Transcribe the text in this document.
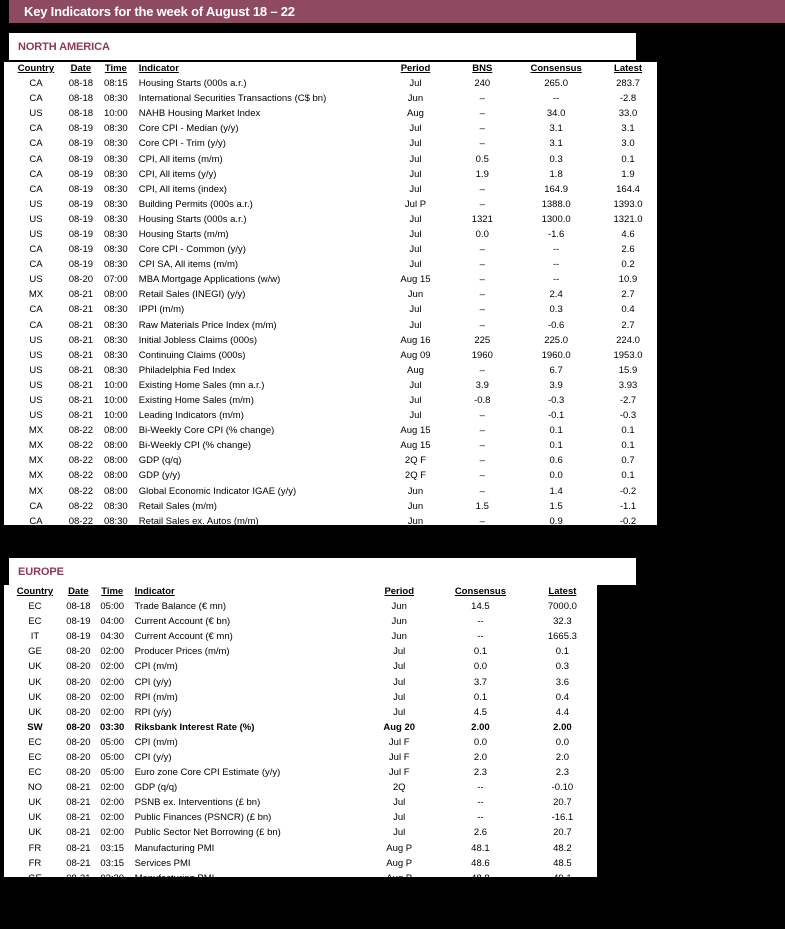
Key Indicators for the week of August 18 – 22
NORTH AMERICA
Country	Date	Time	Indicator	Period	BNS	Consensus	Latest
CA	08-18	08:15	Housing Starts (000s a.r.)	Jul	240	265.0	283.7
CA	08-18	08:30	International Securities Transactions (C$ bn)	Jun	–	--	-2.8
US	08-18	10:00	NAHB Housing Market Index	Aug	–	34.0	33.0
CA	08-19	08:30	Core CPI - Median (y/y)	Jul	–	3.1	3.1
CA	08-19	08:30	Core CPI - Trim (y/y)	Jul	–	3.1	3.0
CA	08-19	08:30	CPI, All items (m/m)	Jul	0.5	0.3	0.1
CA	08-19	08:30	CPI, All items (y/y)	Jul	1.9	1.8	1.9
CA	08-19	08:30	CPI, All items (index)	Jul	–	164.9	164.4
US	08-19	08:30	Building Permits (000s a.r.)	Jul P	–	1388.0	1393.0
US	08-19	08:30	Housing Starts (000s a.r.)	Jul	1321	1300.0	1321.0
US	08-19	08:30	Housing Starts (m/m)	Jul	0.0	-1.6	4.6
CA	08-19	08:30	Core CPI - Common (y/y)	Jul	–	--	2.6
CA	08-19	08:30	CPI SA, All items (m/m)	Jul	–	--	0.2
US	08-20	07:00	MBA Mortgage Applications (w/w)	Aug 15	–	--	10.9
MX	08-21	08:00	Retail Sales (INEGI) (y/y)	Jun	–	2.4	2.7
CA	08-21	08:30	IPPI (m/m)	Jul	–	0.3	0.4
CA	08-21	08:30	Raw Materials Price Index (m/m)	Jul	–	-0.6	2.7
US	08-21	08:30	Initial Jobless Claims (000s)	Aug 16	225	225.0	224.0
US	08-21	08:30	Continuing Claims (000s)	Aug 09	1960	1960.0	1953.0
US	08-21	08:30	Philadelphia Fed Index	Aug	–	6.7	15.9
US	08-21	10:00	Existing Home Sales (mn a.r.)	Jul	3.9	3.9	3.93
US	08-21	10:00	Existing Home Sales (m/m)	Jul	-0.8	-0.3	-2.7
US	08-21	10:00	Leading Indicators (m/m)	Jul	–	-0.1	-0.3
MX	08-22	08:00	Bi-Weekly Core CPI (% change)	Aug 15	–	0.1	0.1
MX	08-22	08:00	Bi-Weekly CPI (% change)	Aug 15	–	0.1	0.1
MX	08-22	08:00	GDP (q/q)	2Q F	–	0.6	0.7
MX	08-22	08:00	GDP (y/y)	2Q F	–	0.0	0.1
MX	08-22	08:00	Global Economic Indicator IGAE (y/y)	Jun	–	1.4	-0.2
CA	08-22	08:30	Retail Sales (m/m)	Jun	1.5	1.5	-1.1
CA	08-22	08:30	Retail Sales ex. Autos (m/m)	Jun	–	0.9	-0.2
EUROPE
Country	Date	Time	Indicator	Period	Consensus	Latest
EC	08-18	05:00	Trade Balance (€ mn)	Jun	14.5	7000.0
EC	08-19	04:00	Current Account (€ bn)	Jun	--	32.3
IT	08-19	04:30	Current Account (€ mn)	Jun	--	1665.3
GE	08-20	02:00	Producer Prices (m/m)	Jul	0.1	0.1
UK	08-20	02:00	CPI (m/m)	Jul	0.0	0.3
UK	08-20	02:00	CPI (y/y)	Jul	3.7	3.6
UK	08-20	02:00	RPI (m/m)	Jul	0.1	0.4
UK	08-20	02:00	RPI (y/y)	Jul	4.5	4.4
SW	08-20	03:30	Riksbank Interest Rate (%)	Aug 20	2.00	2.00
EC	08-20	05:00	CPI (m/m)	Jul F	0.0	0.0
EC	08-20	05:00	CPI (y/y)	Jul F	2.0	2.0
EC	08-20	05:00	Euro zone Core CPI Estimate (y/y)	Jul F	2.3	2.3
NO	08-21	02:00	GDP (q/q)	2Q	--	-0.10
UK	08-21	02:00	PSNB ex. Interventions (£ bn)	Jul	--	20.7
UK	08-21	02:00	Public Finances (PSNCR) (£ bn)	Jul	--	-16.1
UK	08-21	02:00	Public Sector Net Borrowing (£ bn)	Jul	2.6	20.7
FR	08-21	03:15	Manufacturing PMI	Aug P	48.1	48.2
FR	08-21	03:15	Services PMI	Aug P	48.6	48.5
GE	08-21	03:30	Manufacturing PMI	Aug P	48.8	49.1
GE	08-21	03:30	Services PMI	Aug P	50.4	50.6
